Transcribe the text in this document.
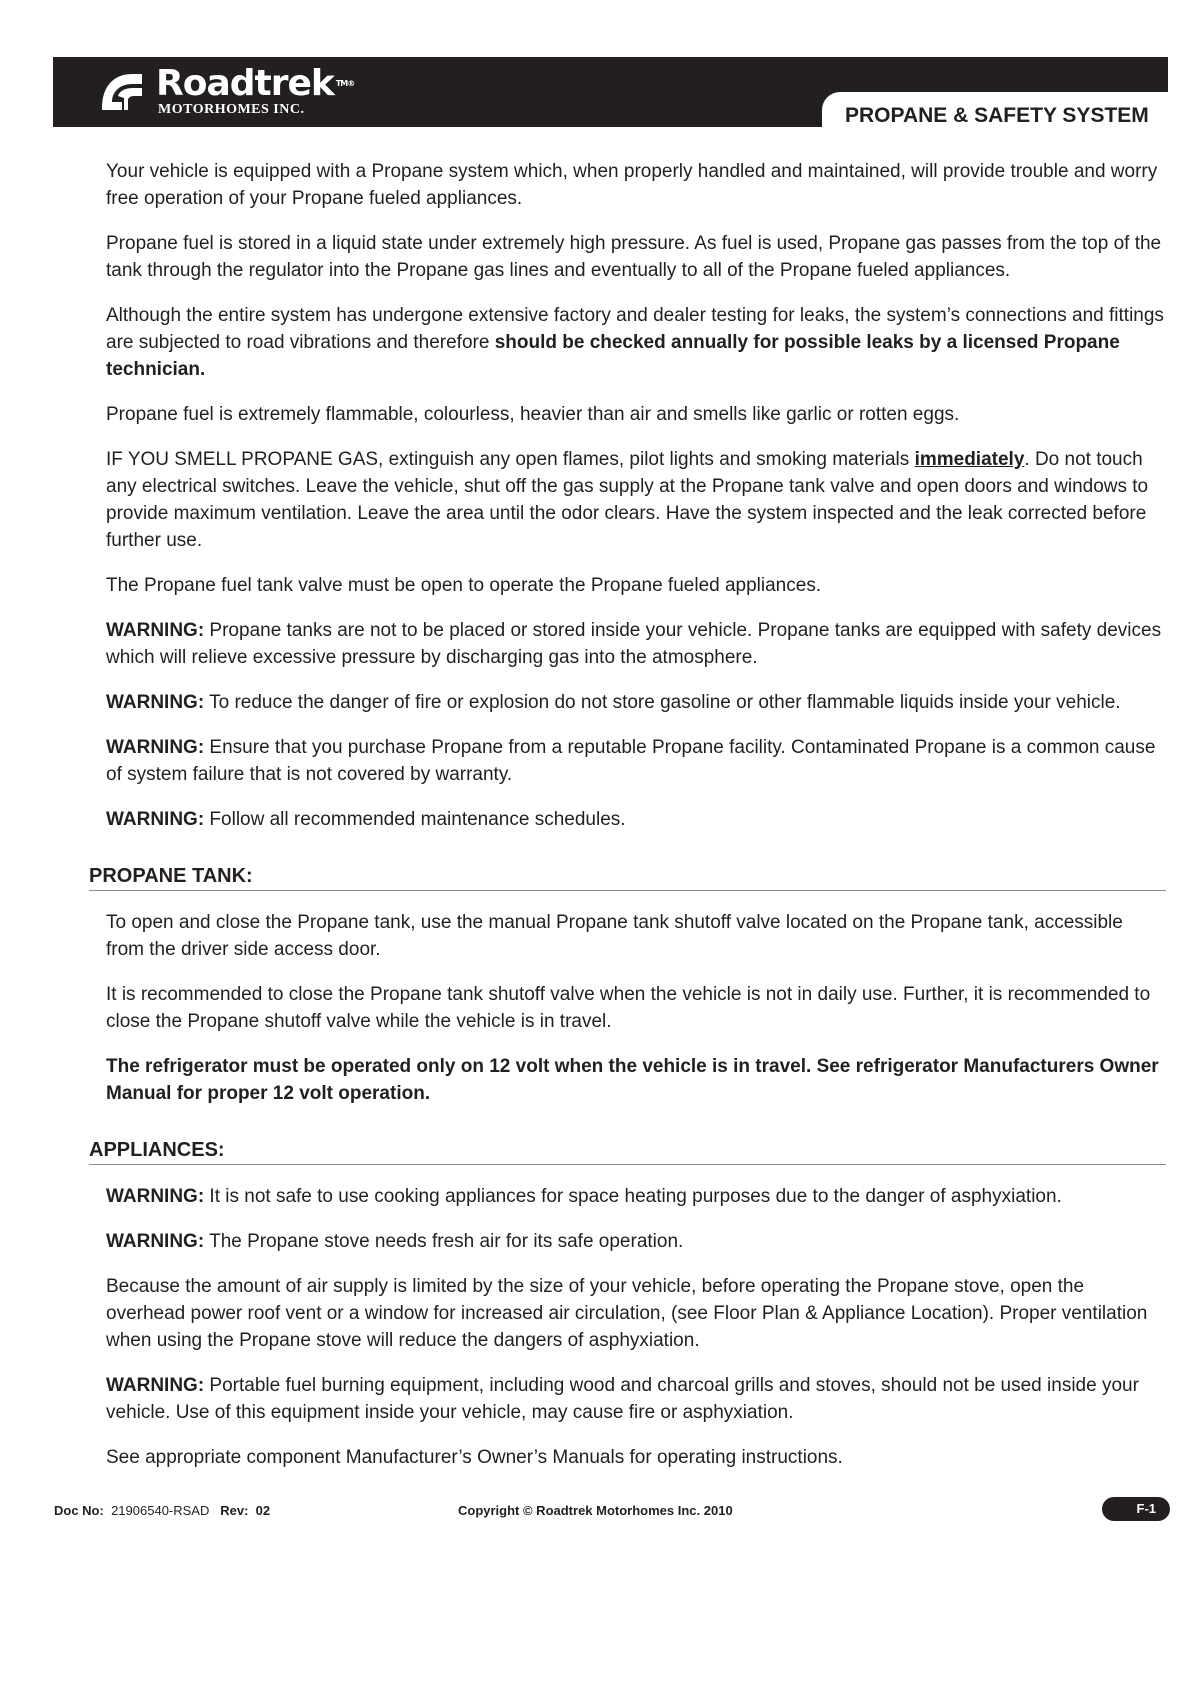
Roadtrek $^{TM®}$
MOTORHOMES INC.	PROPANE & SAFETY SYSTEM

Your vehicle is equipped with a Propane system which, when properly handled and maintained, will provide trouble and worry free operation of your Propane fueled appliances.

Propane fuel is stored in a liquid state under extremely high pressure. As fuel is used, Propane gas passes from the top of the tank through the regulator into the Propane gas lines and eventually to all of the Propane fueled appliances.

Although the entire system has undergone extensive factory and dealer testing for leaks, the system’s connections and fittings are subjected to road vibrations and therefore should be checked annually for possible leaks by a licensed Propane technician.

Propane fuel is extremely flammable, colourless, heavier than air and smells like garlic or rotten eggs.

IF YOU SMELL PROPANE GAS, extinguish any open flames, pilot lights and smoking materials immediately. Do not touch any electrical switches. Leave the vehicle, shut off the gas supply at the Propane tank valve and open doors and windows to provide maximum ventilation. Leave the area until the odor clears. Have the system inspected and the leak corrected before further use.

The Propane fuel tank valve must be open to operate the Propane fueled appliances.

WARNING: Propane tanks are not to be placed or stored inside your vehicle. Propane tanks are equipped with safety devices which will relieve excessive pressure by discharging gas into the atmosphere.

WARNING: To reduce the danger of fire or explosion do not store gasoline or other flammable liquids inside your vehicle.

WARNING: Ensure that you purchase Propane from a reputable Propane facility. Contaminated Propane is a common cause of system failure that is not covered by warranty.

WARNING: Follow all recommended maintenance schedules.

PROPANE TANK:

To open and close the Propane tank, use the manual Propane tank shutoff valve located on the Propane tank, accessible from the driver side access door.

It is recommended to close the Propane tank shutoff valve when the vehicle is not in daily use. Further, it is recommended to close the Propane shutoff valve while the vehicle is in travel.

The refrigerator must be operated only on 12 volt when the vehicle is in travel. See refrigerator Manufacturers Owner Manual for proper 12 volt operation.

APPLIANCES:

WARNING: It is not safe to use cooking appliances for space heating purposes due to the danger of asphyxiation.

WARNING: The Propane stove needs fresh air for its safe operation.

Because the amount of air supply is limited by the size of your vehicle, before operating the Propane stove, open the overhead power roof vent or a window for increased air circulation, (see Floor Plan & Appliance Location). Proper ventilation when using the Propane stove will reduce the dangers of asphyxiation.

WARNING: Portable fuel burning equipment, including wood and charcoal grills and stoves, should not be used inside your vehicle. Use of this equipment inside your vehicle, may cause fire or asphyxiation.

See appropriate component Manufacturer’s Owner’s Manuals for operating instructions.

Doc No: 21906540-RSAD Rev: 02	Copyright © Roadtrek Motorhomes Inc. 2010	F-1
